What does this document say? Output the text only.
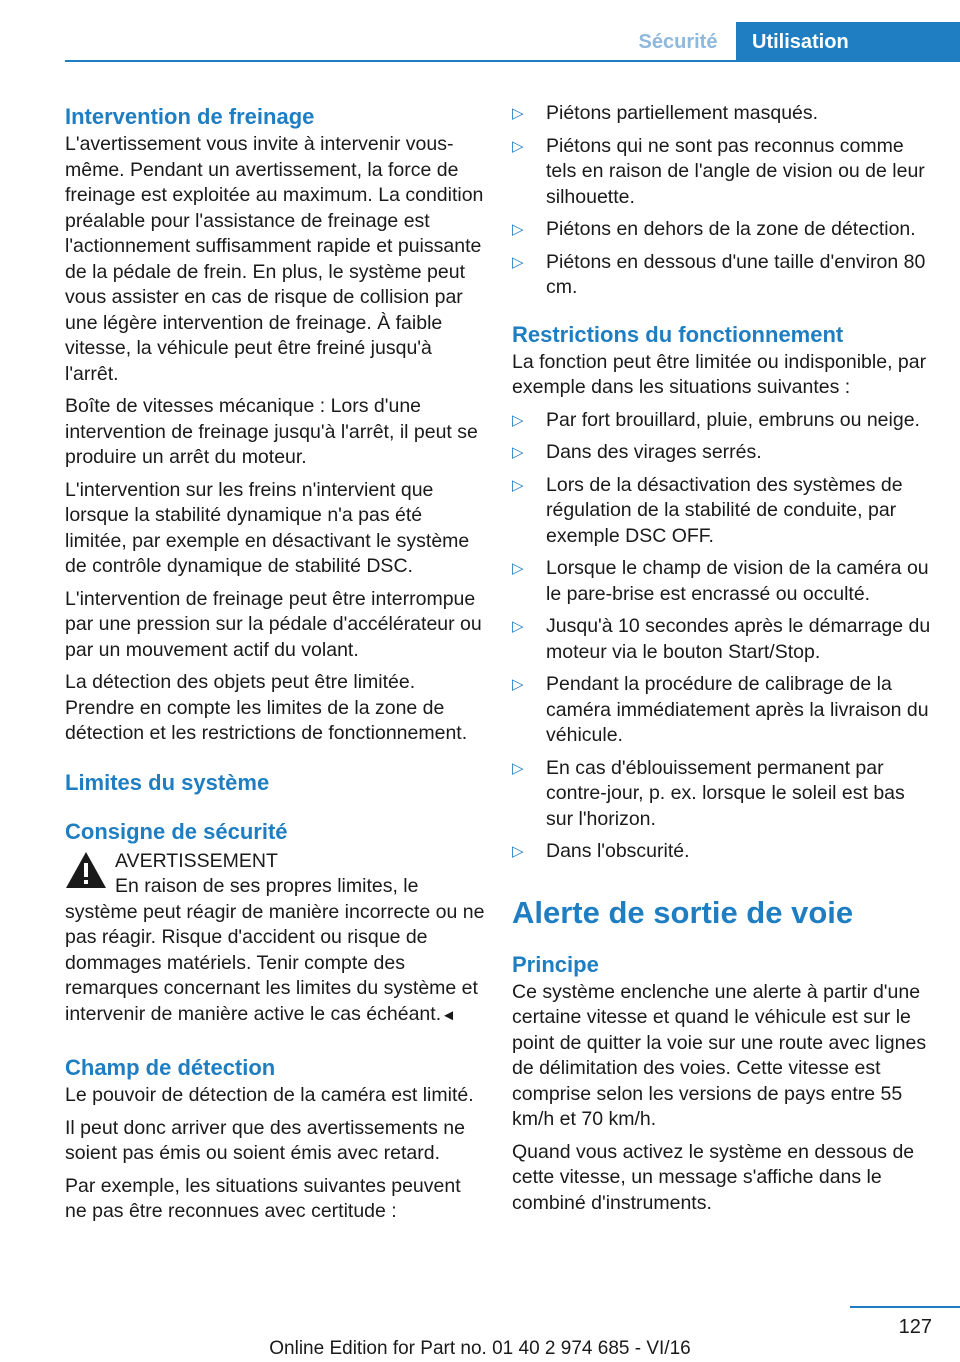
Sécurité	Utilisation
Intervention de freinage

L'avertissement vous invite à intervenir vous-même. Pendant un avertissement, la force de freinage est exploitée au maximum. La condition préalable pour l'assistance de freinage est l'actionnement suffisamment rapide et puissante de la pédale de frein. En plus, le système peut vous assister en cas de risque de collision par une légère intervention de freinage. À faible vitesse, la véhicule peut être freiné jusqu'à l'arrêt.

Boîte de vitesses mécanique : Lors d'une intervention de freinage jusqu'à l'arrêt, il peut se produire un arrêt du moteur.

L'intervention sur les freins n'intervient que lorsque la stabilité dynamique n'a pas été limitée, par exemple en désactivant le système de contrôle dynamique de stabilité DSC.

L'intervention de freinage peut être interrompue par une pression sur la pédale d'accélérateur ou par un mouvement actif du volant.

La détection des objets peut être limitée. Prendre en compte les limites de la zone de détection et les restrictions de fonctionnement.

Limites du système
Consigne de sécurité

AVERTISSEMENT

En raison de ses propres limites, le système peut réagir de manière incorrecte ou ne pas réagir. Risque d'accident ou risque de dommages matériels. Tenir compte des remarques concernant les limites du système et intervenir de manière active le cas échéant.◄

Champ de détection

Le pouvoir de détection de la caméra est limité.

Il peut donc arriver que des avertissements ne soient pas émis ou soient émis avec retard.

Par exemple, les situations suivantes peuvent ne pas être reconnues avec certitude :

▷ Piétons partiellement masqués.
▷ Piétons qui ne sont pas reconnus comme tels en raison de l'angle de vision ou de leur silhouette.
▷ Piétons en dehors de la zone de détection.
▷ Piétons en dessous d'une taille d'environ 80 cm.
Restrictions du fonctionnement

La fonction peut être limitée ou indisponible, par exemple dans les situations suivantes :

▷ Par fort brouillard, pluie, embruns ou neige.
▷ Dans des virages serrés.
▷ Lors de la désactivation des systèmes de régulation de la stabilité de conduite, par exemple DSC OFF.
▷ Lorsque le champ de vision de la caméra ou le pare-brise est encrassé ou occulté.
▷ Jusqu'à 10 secondes après le démarrage du moteur via le bouton Start/Stop.
▷ Pendant la procédure de calibrage de la caméra immédiatement après la livraison du véhicule.
▷ En cas d'éblouissement permanent par contre-jour, p. ex. lorsque le soleil est bas sur l'horizon.
▷ Dans l'obscurité.
Alerte de sortie de voie
Principe

Ce système enclenche une alerte à partir d'une certaine vitesse et quand le véhicule est sur le point de quitter la voie sur une route avec lignes de délimitation des voies. Cette vitesse est comprise selon les versions de pays entre 55 km/h et 70 km/h.

Quand vous activez le système en dessous de cette vitesse, un message s'affiche dans le combiné d'instruments.

127
Online Edition for Part no. 01 40 2 974 685 - VI/16
